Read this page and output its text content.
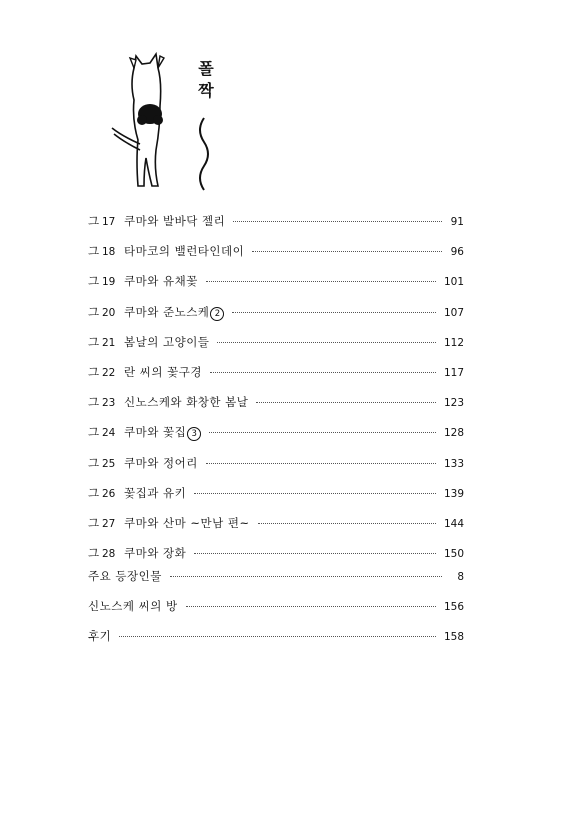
폴
짝
그 17 쿠마와 발바닥 젤리	91
그 18 타마코의 밸런타인데이	96
그 19 쿠마와 유채꽃	101
그 20 쿠마와 준노스케 2	107
그 21 봄날의 고양이들	112
그 22 란 씨의 꽃구경	117
그 23 신노스케와 화창한 봄날	123
그 24 쿠마와 꽃집 3	128
그 25 쿠마와 정어리	133
그 26 꽃집과 유키	139
그 27 쿠마와 산마 ~만남 편~	144
그 28 쿠마와 장화	150
주요 등장인물	8
신노스케 씨의 방	156
후기	158
